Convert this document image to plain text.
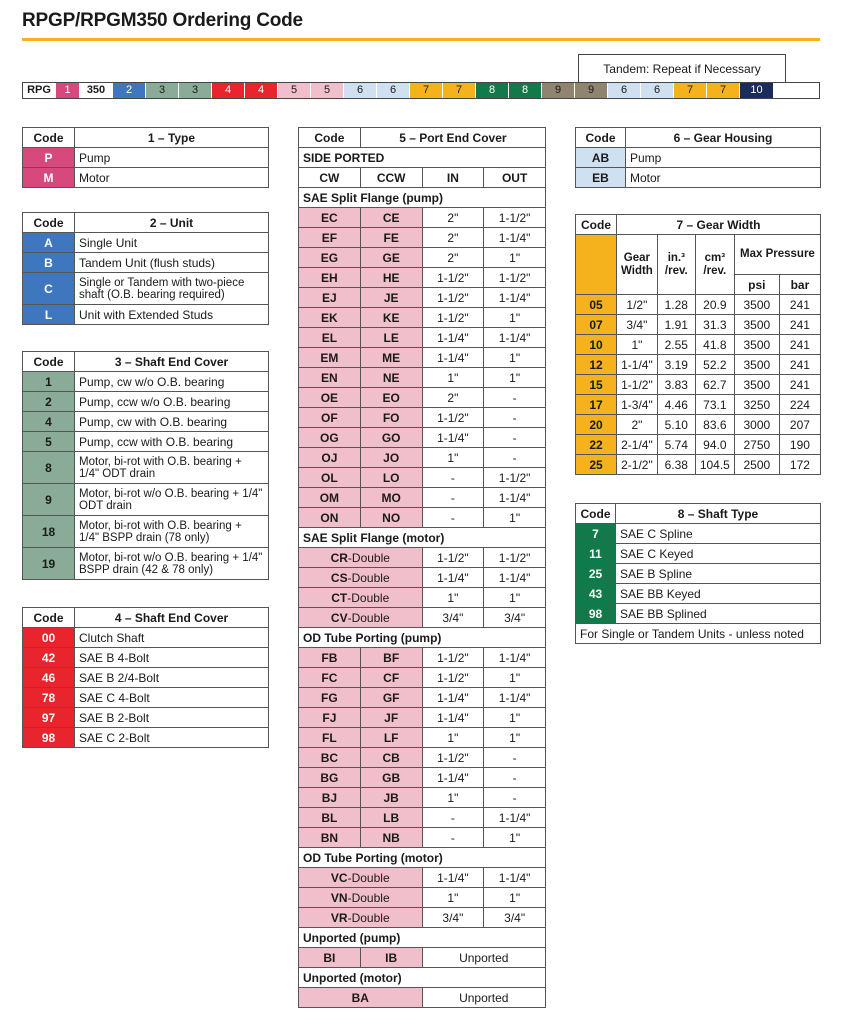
RPGP/RPGM350 Ordering Code
Tandem: Repeat if Necessary
RPG	1	350	2	3	3	4	4	5	5	6	6	7	7	8	8	9	9	6	6	7	7	10
Code	1 – Type
P	Pump
M	Motor
Code	2 – Unit
A	Single Unit
B	Tandem Unit (flush studs)
C	Single or Tandem with two-piece shaft (O.B. bearing required)
L	Unit with Extended Studs
Code	3 – Shaft End Cover
1	Pump, cw w/o O.B. bearing
2	Pump, ccw w/o O.B. bearing
4	Pump, cw with O.B. bearing
5	Pump, ccw with O.B. bearing
8	Motor, bi-rot with O.B. bearing + 1/4" ODT drain
9	Motor, bi-rot w/o O.B. bearing + 1/4" ODT drain
18	Motor, bi-rot with O.B. bearing + 1/4" BSPP drain (78 only)
19	Motor, bi-rot w/o O.B. bearing + 1/4" BSPP drain (42 & 78 only)
Code	4 – Shaft End Cover
00	Clutch Shaft
42	SAE B 4-Bolt
46	SAE B 2/4-Bolt
78	SAE C 4-Bolt
97	SAE B 2-Bolt
98	SAE C 2-Bolt
Code	5 – Port End Cover		
SIDE PORTED			
CW	CCW	IN	OUT
SAE Split Flange (pump)			
EC	CE	2"	1-1/2"
EF	FE	2"	1-1/4"
EG	GE	2"	1"
EH	HE	1-1/2"	1-1/2"
EJ	JE	1-1/2"	1-1/4"
EK	KE	1-1/2"	1"
EL	LE	1-1/4"	1-1/4"
EM	ME	1-1/4"	1"
EN	NE	1"	1"
OE	EO	2"	-
OF	FO	1-1/2"	-
OG	GO	1-1/4"	-
OJ	JO	1"	-
OL	LO	-	1-1/2"
OM	MO	-	1-1/4"
ON	NO	-	1"
SAE Split Flange (motor)			
CR-Double		1-1/2"	1-1/2"
CS-Double		1-1/4"	1-1/4"
CT-Double		1"	1"
CV-Double		3/4"	3/4"
OD Tube Porting (pump)			
FB	BF	1-1/2"	1-1/4"
FC	CF	1-1/2"	1"
FG	GF	1-1/4"	1-1/4"
FJ	JF	1-1/4"	1"
FL	LF	1"	1"
BC	CB	1-1/2"	-
BG	GB	1-1/4"	-
BJ	JB	1"	-
BL	LB	-	1-1/4"
BN	NB	-	1"
OD Tube Porting (motor)			
VC-Double		1-1/4"	1-1/4"
VN-Double		1"	1"
VR-Double		3/4"	3/4"
Unported (pump)			
BI	IB	Unported	
Unported (motor)			
BA		Unported	
Code	6 – Gear Housing
AB	Pump
EB	Motor
Code	7 – Gear Width				
	Gear Width	in.³ /rev.	cm³ /rev.	Max Pressure	
				psi	bar
05	1/2"	1.28	20.9	3500	241
07	3/4"	1.91	31.3	3500	241
10	1"	2.55	41.8	3500	241
12	1-1/4"	3.19	52.2	3500	241
15	1-1/2"	3.83	62.7	3500	241
17	1-3/4"	4.46	73.1	3250	224
20	2"	5.10	83.6	3000	207
22	2-1/4"	5.74	94.0	2750	190
25	2-1/2"	6.38	104.5	2500	172
Code	8 – Shaft Type
7	SAE C Spline
11	SAE C Keyed
25	SAE B Spline
43	SAE BB Keyed
98	SAE BB Splined
For Single or Tandem Units - unless noted	
